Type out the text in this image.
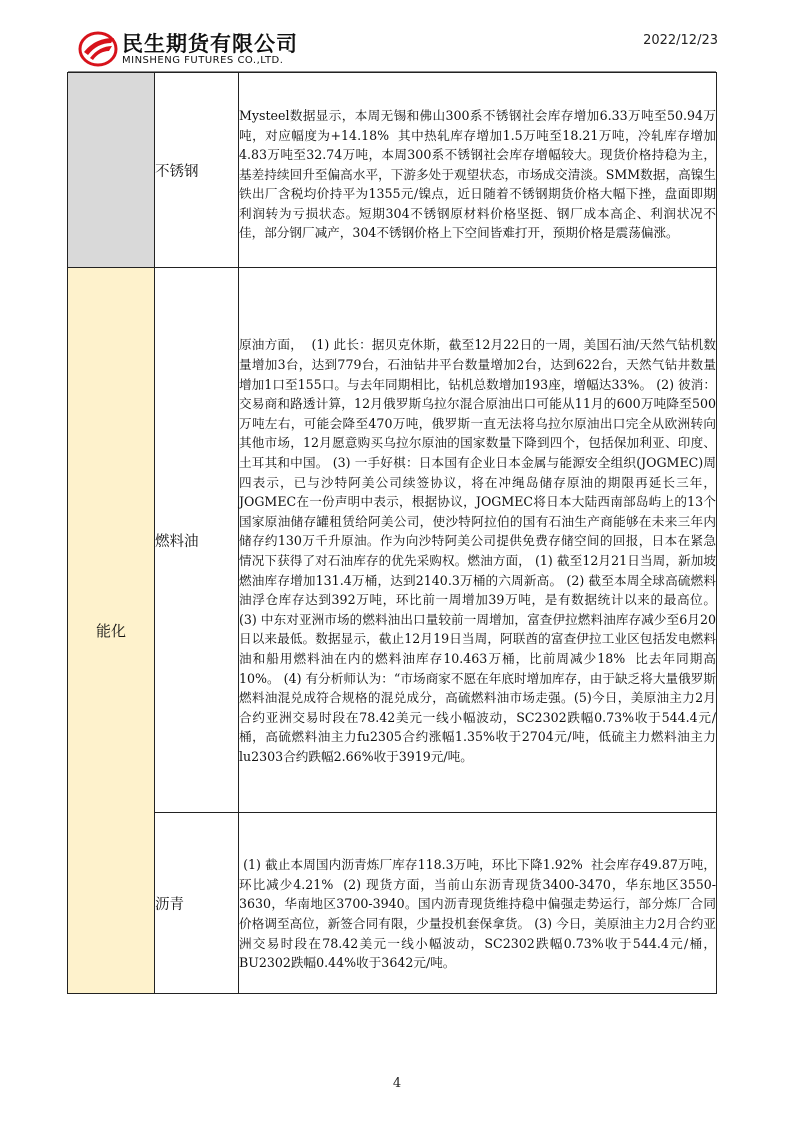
民生期货有限公司
MINSHENG FUTURES CO.,LTD.
2022/12/23
	不锈钢	Mysteel数据显示，本周无锡和佛山300系不锈钢社会库存增加6.33万吨至50.94万吨，对应幅度为+14.18%  其中热轧库存增加1.5万吨至18.21万吨，冷轧库存增加4.83万吨至32.74万吨，本周300系不锈钢社会库存增幅较大。现货价格持稳为主，基差持续回升至偏高水平，下游多处于观望状态，市场成交清淡。SMM数据，高镍生铁出厂含税均价持平为1355元/镍点，近日随着不锈钢期货价格大幅下挫，盘面即期利润转为亏损状态。短期304不锈钢原材料价格坚挺、钢厂成本高企、利润状况不佳，部分钢厂减产，304不锈钢价格上下空间皆难打开，预期价格是震荡偏涨。

能化	燃料油	原油方面，  (1) 此长：据贝克休斯，截至12月22日的一周，美国石油/天然气钻机数量增加3台，达到779台，石油钻井平台数量增加2台，达到622台，天然气钻井数量增加1口至155口。与去年同期相比，钻机总数增加193座，增幅达33%。 (2) 彼消：交易商和路透计算，12月俄罗斯乌拉尔混合原油出口可能从11月的600万吨降至500万吨左右，可能会降至470万吨，俄罗斯一直无法将乌拉尔原油出口完全从欧洲转向其他市场，12月愿意购买乌拉尔原油的国家数量下降到四个，包括保加利亚、印度、土耳其和中国。 (3) 一手好棋：日本国有企业日本金属与能源安全组织(JOGMEC)周四表示，已与沙特阿美公司续签协议，将在冲绳岛储存原油的期限再延长三年，JOGMEC在一份声明中表示，根据协议，JOGMEC将日本大陆西南部岛屿上的13个国家原油储存罐租赁给阿美公司，使沙特阿拉伯的国有石油生产商能够在未来三年内储存约130万千升原油。作为向沙特阿美公司提供免费存储空间的回报，日本在紧急情况下获得了对石油库存的优先采购权。燃油方面， (1) 截至12月21日当周，新加坡燃油库存增加131.4万桶，达到2140.3万桶的六周新高。 (2) 截至本周全球高硫燃料油浮仓库存达到392万吨，环比前一周增加39万吨，是有数据统计以来的最高位。 (3) 中东对亚洲市场的燃料油出口量较前一周增加，富查伊拉燃料油库存减少至6月20日以来最低。数据显示，截止12月19日当周，阿联酋的富查伊拉工业区包括发电燃料油和船用燃料油在内的燃料油库存10.463万桶，比前周减少18%  比去年同期高10%。 (4) 有分析师认为：“市场商家不愿在年底时增加库存，由于缺乏将大量俄罗斯燃料油混兑成符合规格的混兑成分，高硫燃料油市场走强。(5)今日，美原油主力2月合约亚洲交易时段在78.42美元一线小幅波动，SC2302跌幅0.73%收于544.4元/桶，高硫燃料油主力fu2305合约涨幅1.35%收于2704元/吨，低硫主力燃料油主力lu2303合约跌幅2.66%收于3919元/吨。

	沥青	(1) 截止本周国内沥青炼厂库存118.3万吨，环比下降1.92%  社会库存49.87万吨，环比减少4.21%  (2) 现货方面，当前山东沥青现货3400-3470，华东地区3550-3630，华南地区3700-3940。国内沥青现货维持稳中偏强走势运行，部分炼厂合同价格调至高位，新签合同有限，少量投机套保拿货。 (3) 今日，美原油主力2月合约亚洲交易时段在78.42美元一线小幅波动，SC2302跌幅0.73%收于544.4元/桶，BU2302跌幅0.44%收于3642元/吨。

4
